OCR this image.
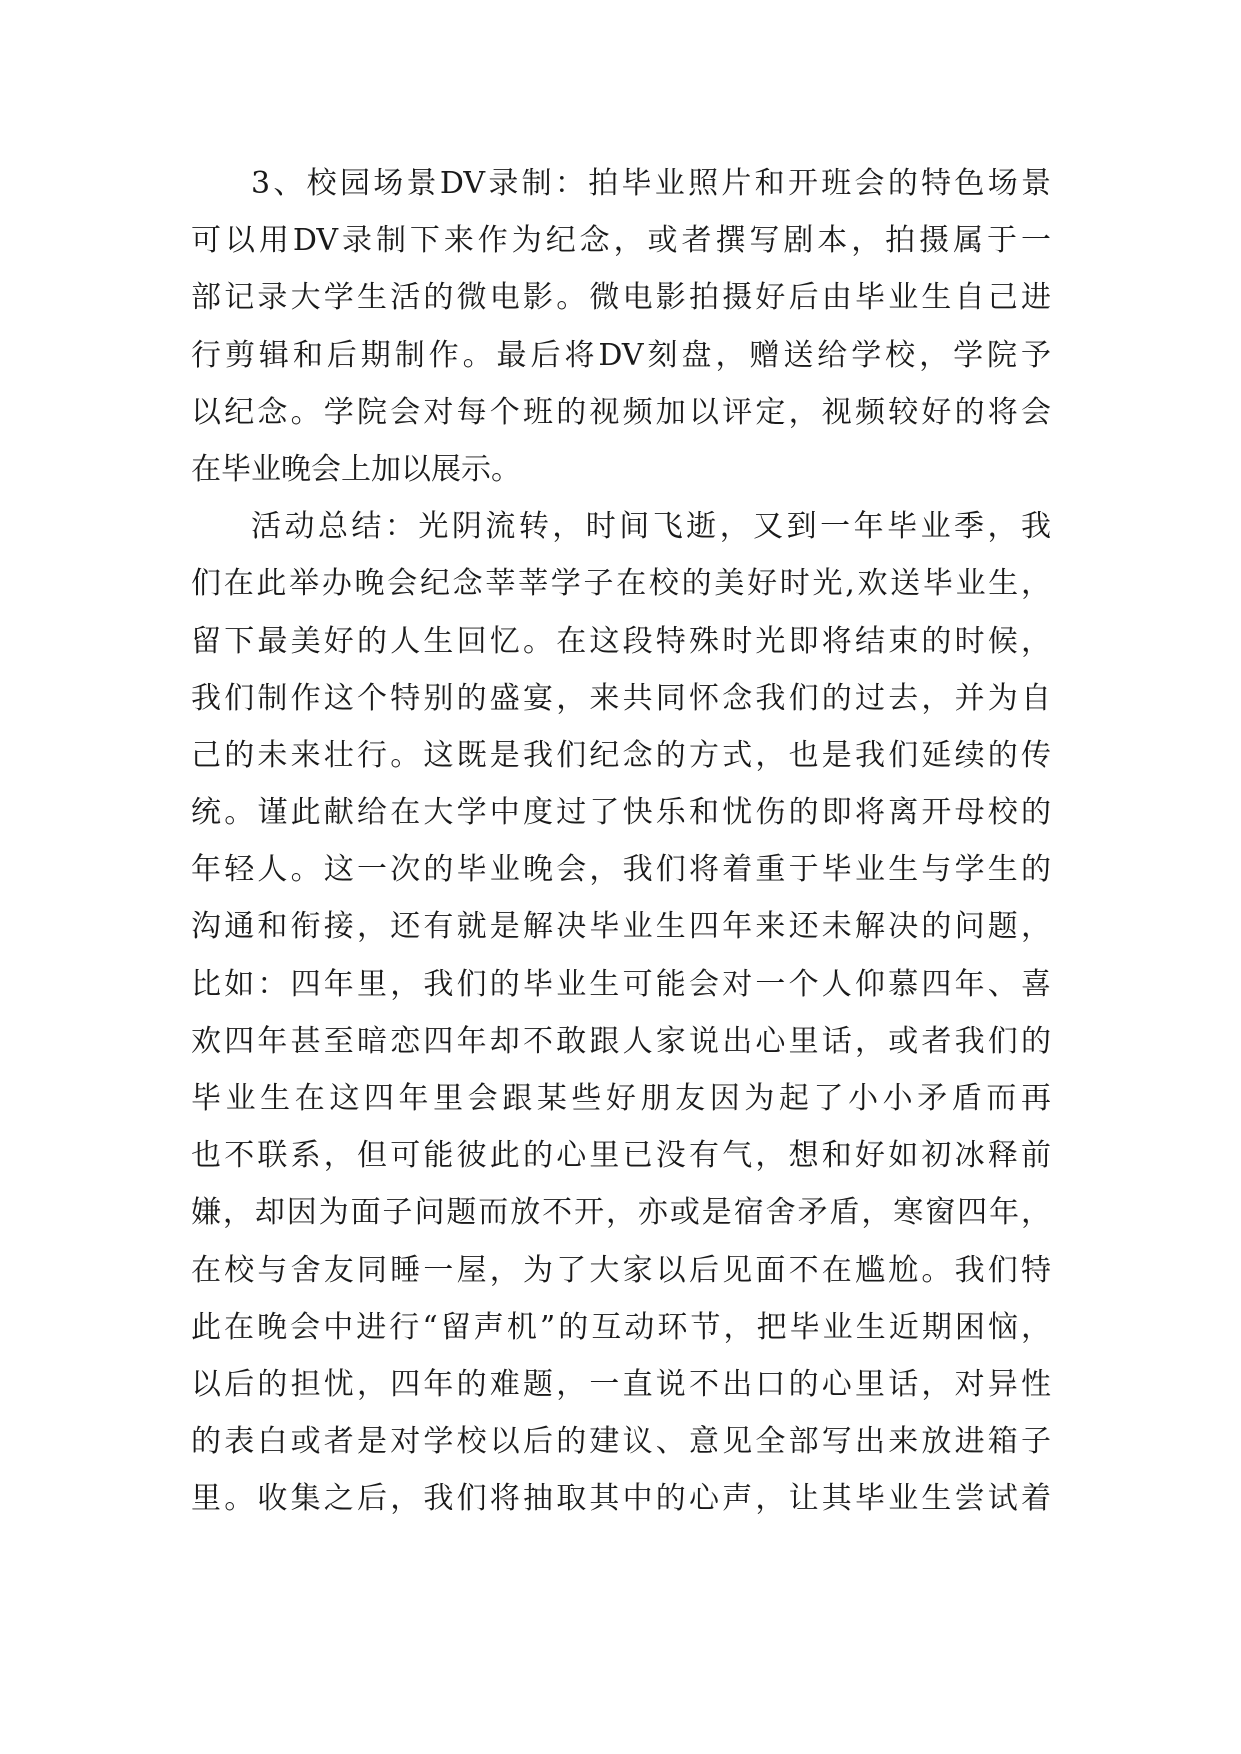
3、校园场景DV录制：拍毕业照片和开班会的特色场景
可以用DV录制下来作为纪念，或者撰写剧本，拍摄属于一
部记录大学生活的微电影。微电影拍摄好后由毕业生自己进
行剪辑和后期制作。最后将DV刻盘，赠送给学校，学院予
以纪念。学院会对每个班的视频加以评定，视频较好的将会
在毕业晚会上加以展示。
活动总结：光阴流转，时间飞逝，又到一年毕业季，我
们在此举办晚会纪念莘莘学子在校的美好时光,欢送毕业生，
留下最美好的人生回忆。在这段特殊时光即将结束的时候，
我们制作这个特别的盛宴，来共同怀念我们的过去，并为自
己的未来壮行。这既是我们纪念的方式，也是我们延续的传
统。谨此献给在大学中度过了快乐和忧伤的即将离开母校的
年轻人。这一次的毕业晚会，我们将着重于毕业生与学生的
沟通和衔接，还有就是解决毕业生四年来还未解决的问题，
比如：四年里，我们的毕业生可能会对一个人仰慕四年、喜
欢四年甚至暗恋四年却不敢跟人家说出心里话，或者我们的
毕业生在这四年里会跟某些好朋友因为起了小小矛盾而再
也不联系，但可能彼此的心里已没有气，想和好如初冰释前
嫌，却因为面子问题而放不开，亦或是宿舍矛盾，寒窗四年，
在校与舍友同睡一屋，为了大家以后见面不在尴尬。我们特
此在晚会中进行“留声机”的互动环节，把毕业生近期困恼，
以后的担忧，四年的难题，一直说不出口的心里话，对异性
的表白或者是对学校以后的建议、意见全部写出来放进箱子
里。收集之后，我们将抽取其中的心声，让其毕业生尝试着
